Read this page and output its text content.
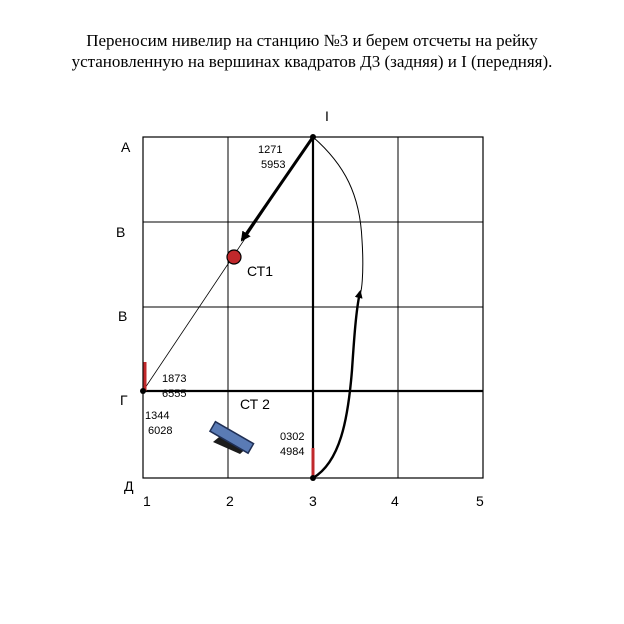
Переносим нивелир на станцию №3 и берем отсчеты на рейку
установленную на вершинах квадратов Д3 (задняя) и I (передняя).
I
А
В
В
Г
Д
1	2	3	4	5
1271
5953
1873
6555
1344
6028	0302
4984
СТ1
СТ 2
